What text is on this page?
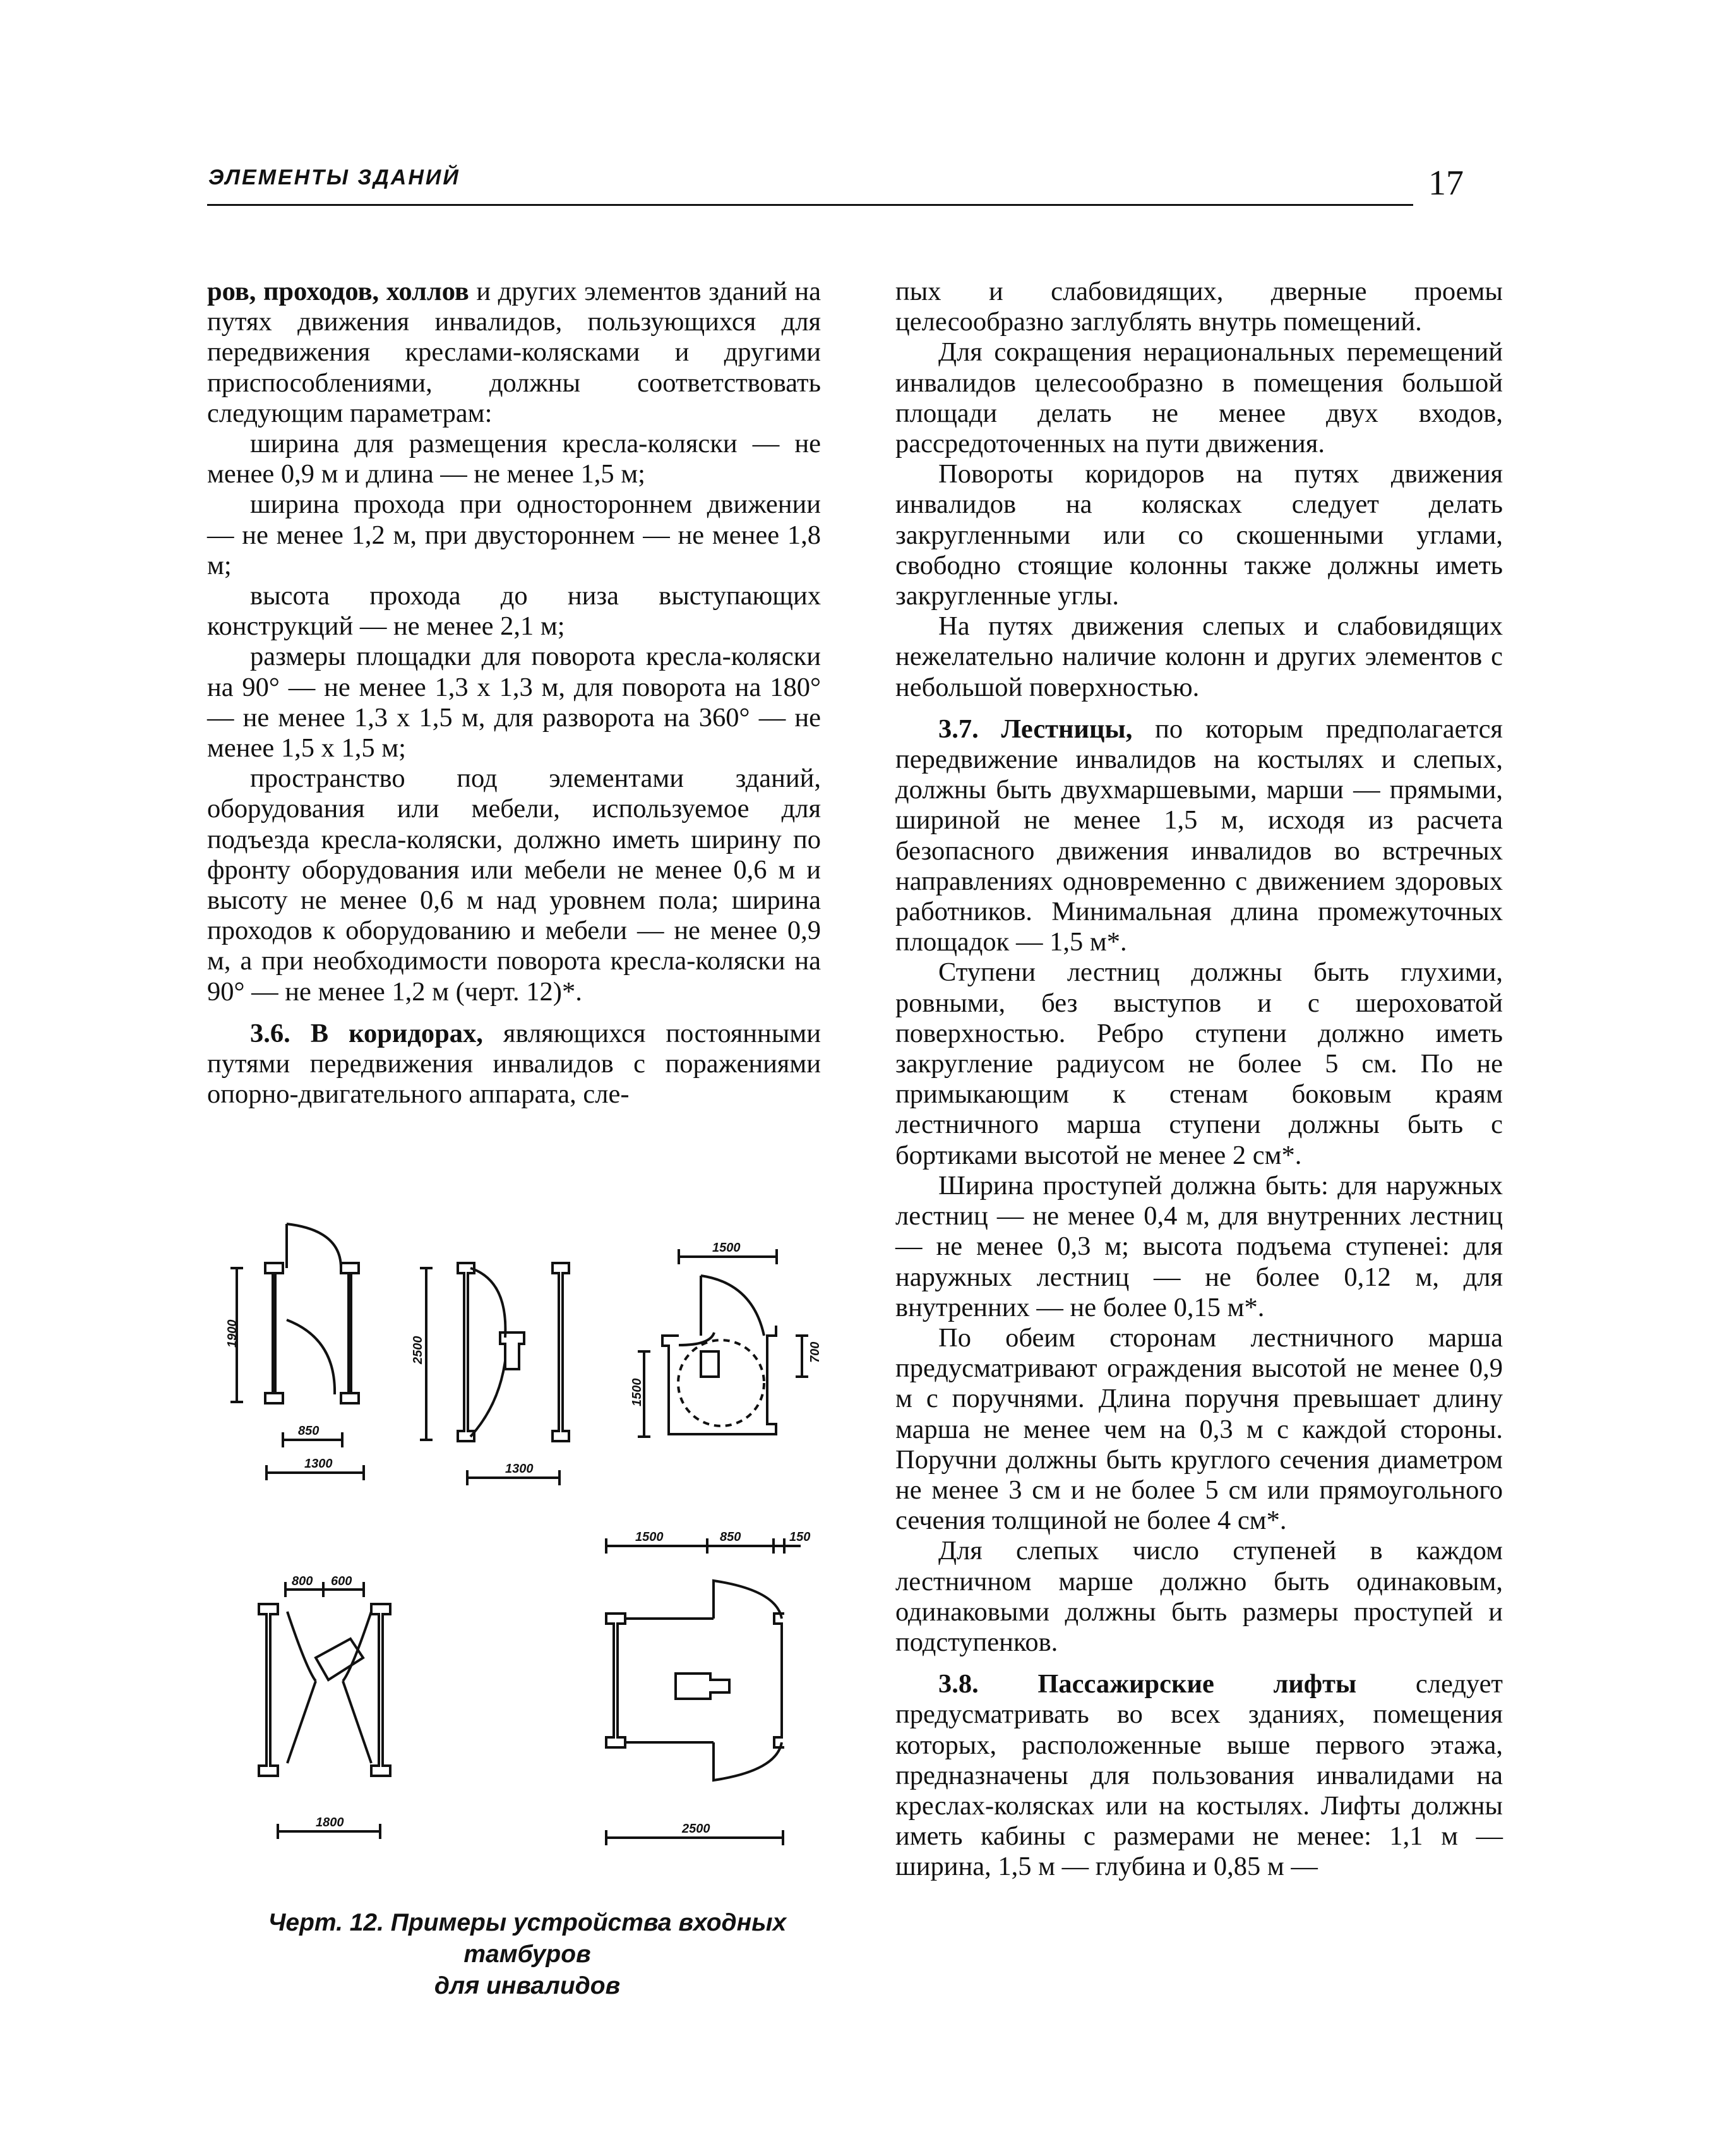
ЭЛЕМЕНТЫ ЗДАНИЙ	17

ров, проходов, холлов и других элементов зданий на путях движения инвалидов, пользующихся для передвижения креслами-колясками и другими приспособлениями, должны соответствовать следующим параметрам:

ширина для размещения кресла-коляски — не менее 0,9 м и длина — не менее 1,5 м;

ширина прохода при одностороннем движении — не менее 1,2 м, при двустороннем — не менее 1,8 м;

высота прохода до низа выступающих конструкций — не менее 2,1 м;

размеры площадки для поворота кресла-коляски на 90° — не менее 1,3 х 1,3 м, для поворота на 180° — не менее 1,3 х 1,5 м, для разворота на 360° — не менее 1,5 х 1,5 м;

пространство под элементами зданий, оборудования или мебели, используемое для подъезда кресла-коляски, должно иметь ширину по фронту оборудования или мебели не менее 0,6 м и высоту не менее 0,6 м над уровнем пола; ширина проходов к оборудованию и мебели — не менее 0,9 м, а при необходимости поворота кресла-коляски на 90° — не менее 1,2 м (черт. 12)*.

3.6. В коридорах, являющихся постоянными путями передвижения инвалидов с поражениями опорно-двигательного аппарата, сле-

пых и слабовидящих, дверные проемы целесообразно заглублять внутрь помещений.

Для сокращения нерациональных перемещений инвалидов целесообразно в помещения большой площади делать не менее двух входов, рассредоточенных на пути движения.

Повороты коридоров на путях движения инвалидов на колясках следует делать закругленными или со скошенными углами, свободно стоящие колонны также должны иметь закругленные углы.

На путях движения слепых и слабовидящих нежелательно наличие колонн и других элементов с небольшой поверхностью.

3.7. Лестницы, по которым предполагается передвижение инвалидов на костылях и слепых, должны быть двухмаршевыми, марши — прямыми, шириной не менее 1,5 м, исходя из расчета безопасного движения инвалидов во встречных направлениях одновременно с движением здоровых работников. Минимальная длина промежуточных площадок — 1,5 м*.

Ступени лестниц должны быть глухими, ровными, без выступов и с шероховатой поверхностью. Ребро ступени должно иметь закругление радиусом не более 5 см. По не примыкающим к стенам боковым краям лестничного марша ступени должны быть с бортиками высотой не менее 2 см*.

Ширина проступей должна быть: для наружных лестниц — не менее 0,4 м, для внутренних лестниц — не менее 0,3 м; высота подъема ступенеi: для наружных лестниц — не более 0,12 м, для внутренних — не более 0,15 м*.

По обеим сторонам лестничного марша предусматривают ограждения высотой не менее 0,9 м с поручнями. Длина поручня превышает длину марша не менее чем на 0,3 м с каждой стороны. Поручни должны быть круглого сечения диаметром не менее 3 см и не более 5 см или прямоугольного сечения толщиной не более 4 см*.

Для слепых число ступеней в каждом лестничном марше должно быть одинаковым, одинаковыми должны быть размеры проступей и подступенков.

3.8. Пассажирские лифты следует предусматривать во всех зданиях, помещения которых, расположенные выше первого этажа, предназначены для пользования инвалидами на креслах-колясках или на костылях. Лифты должны иметь кабины с размерами не менее: 1,1 м — ширина, 1,5 м — глубина и 0,85 м —

1900
850
1300
2500
1300
1500
700
1500
800 600
1800
1500	850	150
2500
Черт. 12. Примеры устройства входных тамбуров
для инвалидов
